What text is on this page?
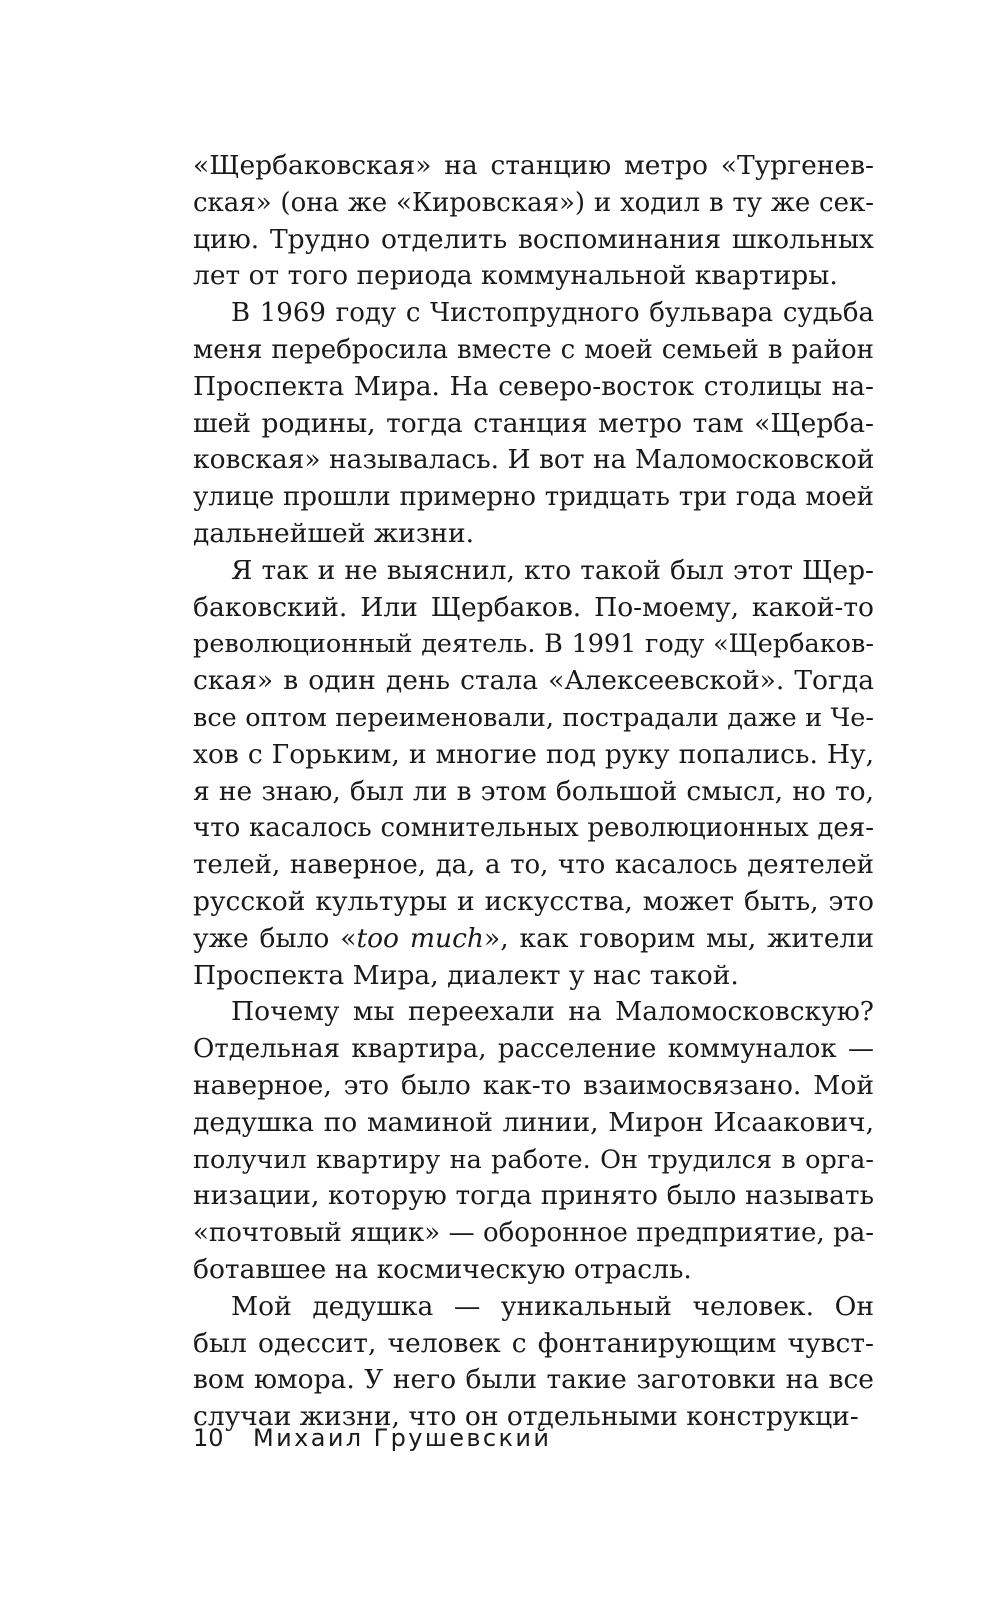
«Щербаковская» на станцию метро «Тургенев-
ская» (она же «Кировская») и ходил в ту же сек-
цию. Трудно отделить воспоминания школьных
лет от того периода коммунальной квартиры.
В 1969 году с Чистопрудного бульвара судьба
меня перебросила вместе с моей семьей в район
Проспекта Мира. На северо-восток столицы на-
шей родины, тогда станция метро там «Щерба-
ковская» называлась. И вот на Маломосковской
улице прошли примерно тридцать три года моей
дальнейшей жизни.
Я так и не выяснил, кто такой был этот Щер-
баковский. Или Щербаков. По-моему, какой-то
революционный деятель. В 1991 году «Щербаков-
ская» в один день стала «Алексеевской». Тогда
все оптом переименовали, пострадали даже и Че-
хов с Горьким, и многие под руку попались. Ну,
я не знаю, был ли в этом большой смысл, но то,
что касалось сомнительных революционных дея-
телей, наверное, да, а то, что касалось деятелей
русской культуры и искусства, может быть, это
уже было «too much», как говорим мы, жители
Проспекта Мира, диалект у нас такой.
Почему мы переехали на Маломосковскую?
Отдельная квартира, расселение коммуналок —
наверное, это было как-то взаимосвязано. Мой
дедушка по маминой линии, Мирон Исаакович,
получил квартиру на работе. Он трудился в орга-
низации, которую тогда принято было называть
«почтовый ящик» — оборонное предприятие, ра-
ботавшее на космическую отрасль.
Мой дедушка — уникальный человек. Он
был одессит, человек с фонтанирующим чувст-
вом юмора. У него были такие заготовки на все
случаи жизни, что он отдельными конструкци-
10 Михаил Грушевский
